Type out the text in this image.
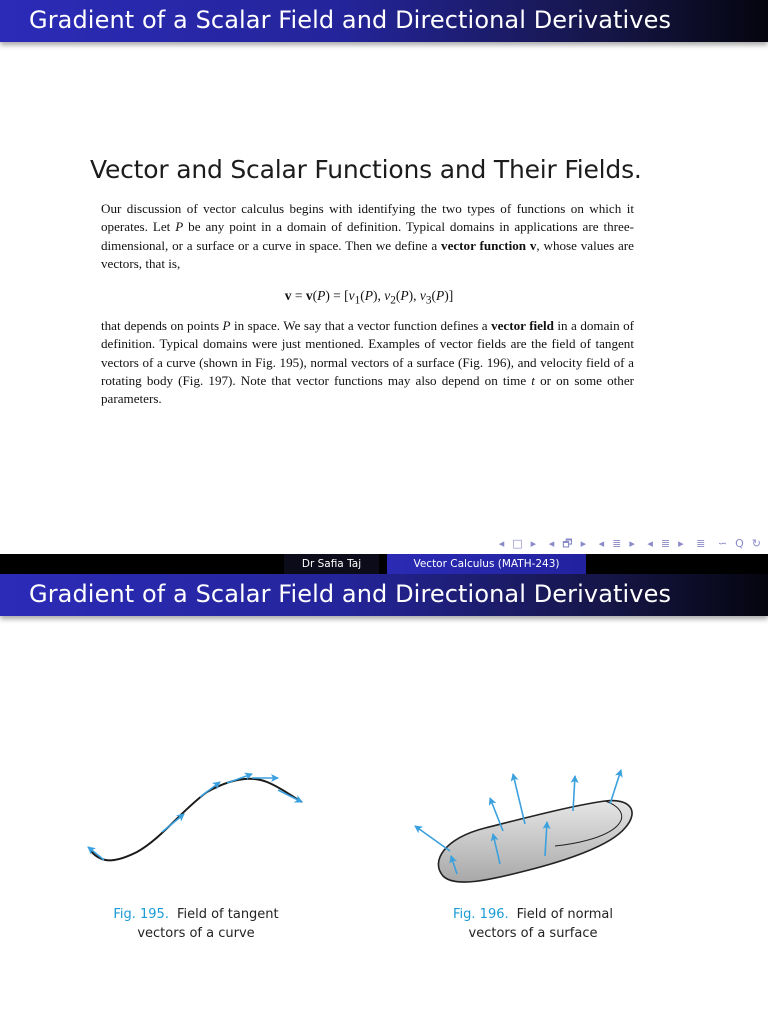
Gradient of a Scalar Field and Directional Derivatives
Vector and Scalar Functions and Their Fields.
Our discussion of vector calculus begins with identifying the two types of functions on which it operates. Let P be any point in a domain of definition. Typical domains in applications are three-dimensional, or a surface or a curve in space. Then we define a vector function v, whose values are vectors, that is,
$v = v(P) = [v_1(P)$, $v_2(P)$, $v_3(P)$]
that depends on points P in space. We say that a vector function defines a vector field in a domain of definition. Typical domains were just mentioned. Examples of vector fields are the field of tangent vectors of a curve (shown in Fig. 195), normal vectors of a surface (Fig. 196), and velocity field of a rotating body (Fig. 197). Note that vector functions may also depend on time t or on some other parameters.
◂ □ ▸ ◂ 🗗 ▸ ◂ ≣ ▸ ◂ ≣ ▸ ≣ ∽ Q ↻
Dr Safia Taj	Vector Calculus (MATH-243)
Gradient of a Scalar Field and Directional Derivatives
Fig. 195. Field of tangent vectors of a curve
Fig. 196. Field of normal vectors of a surface
